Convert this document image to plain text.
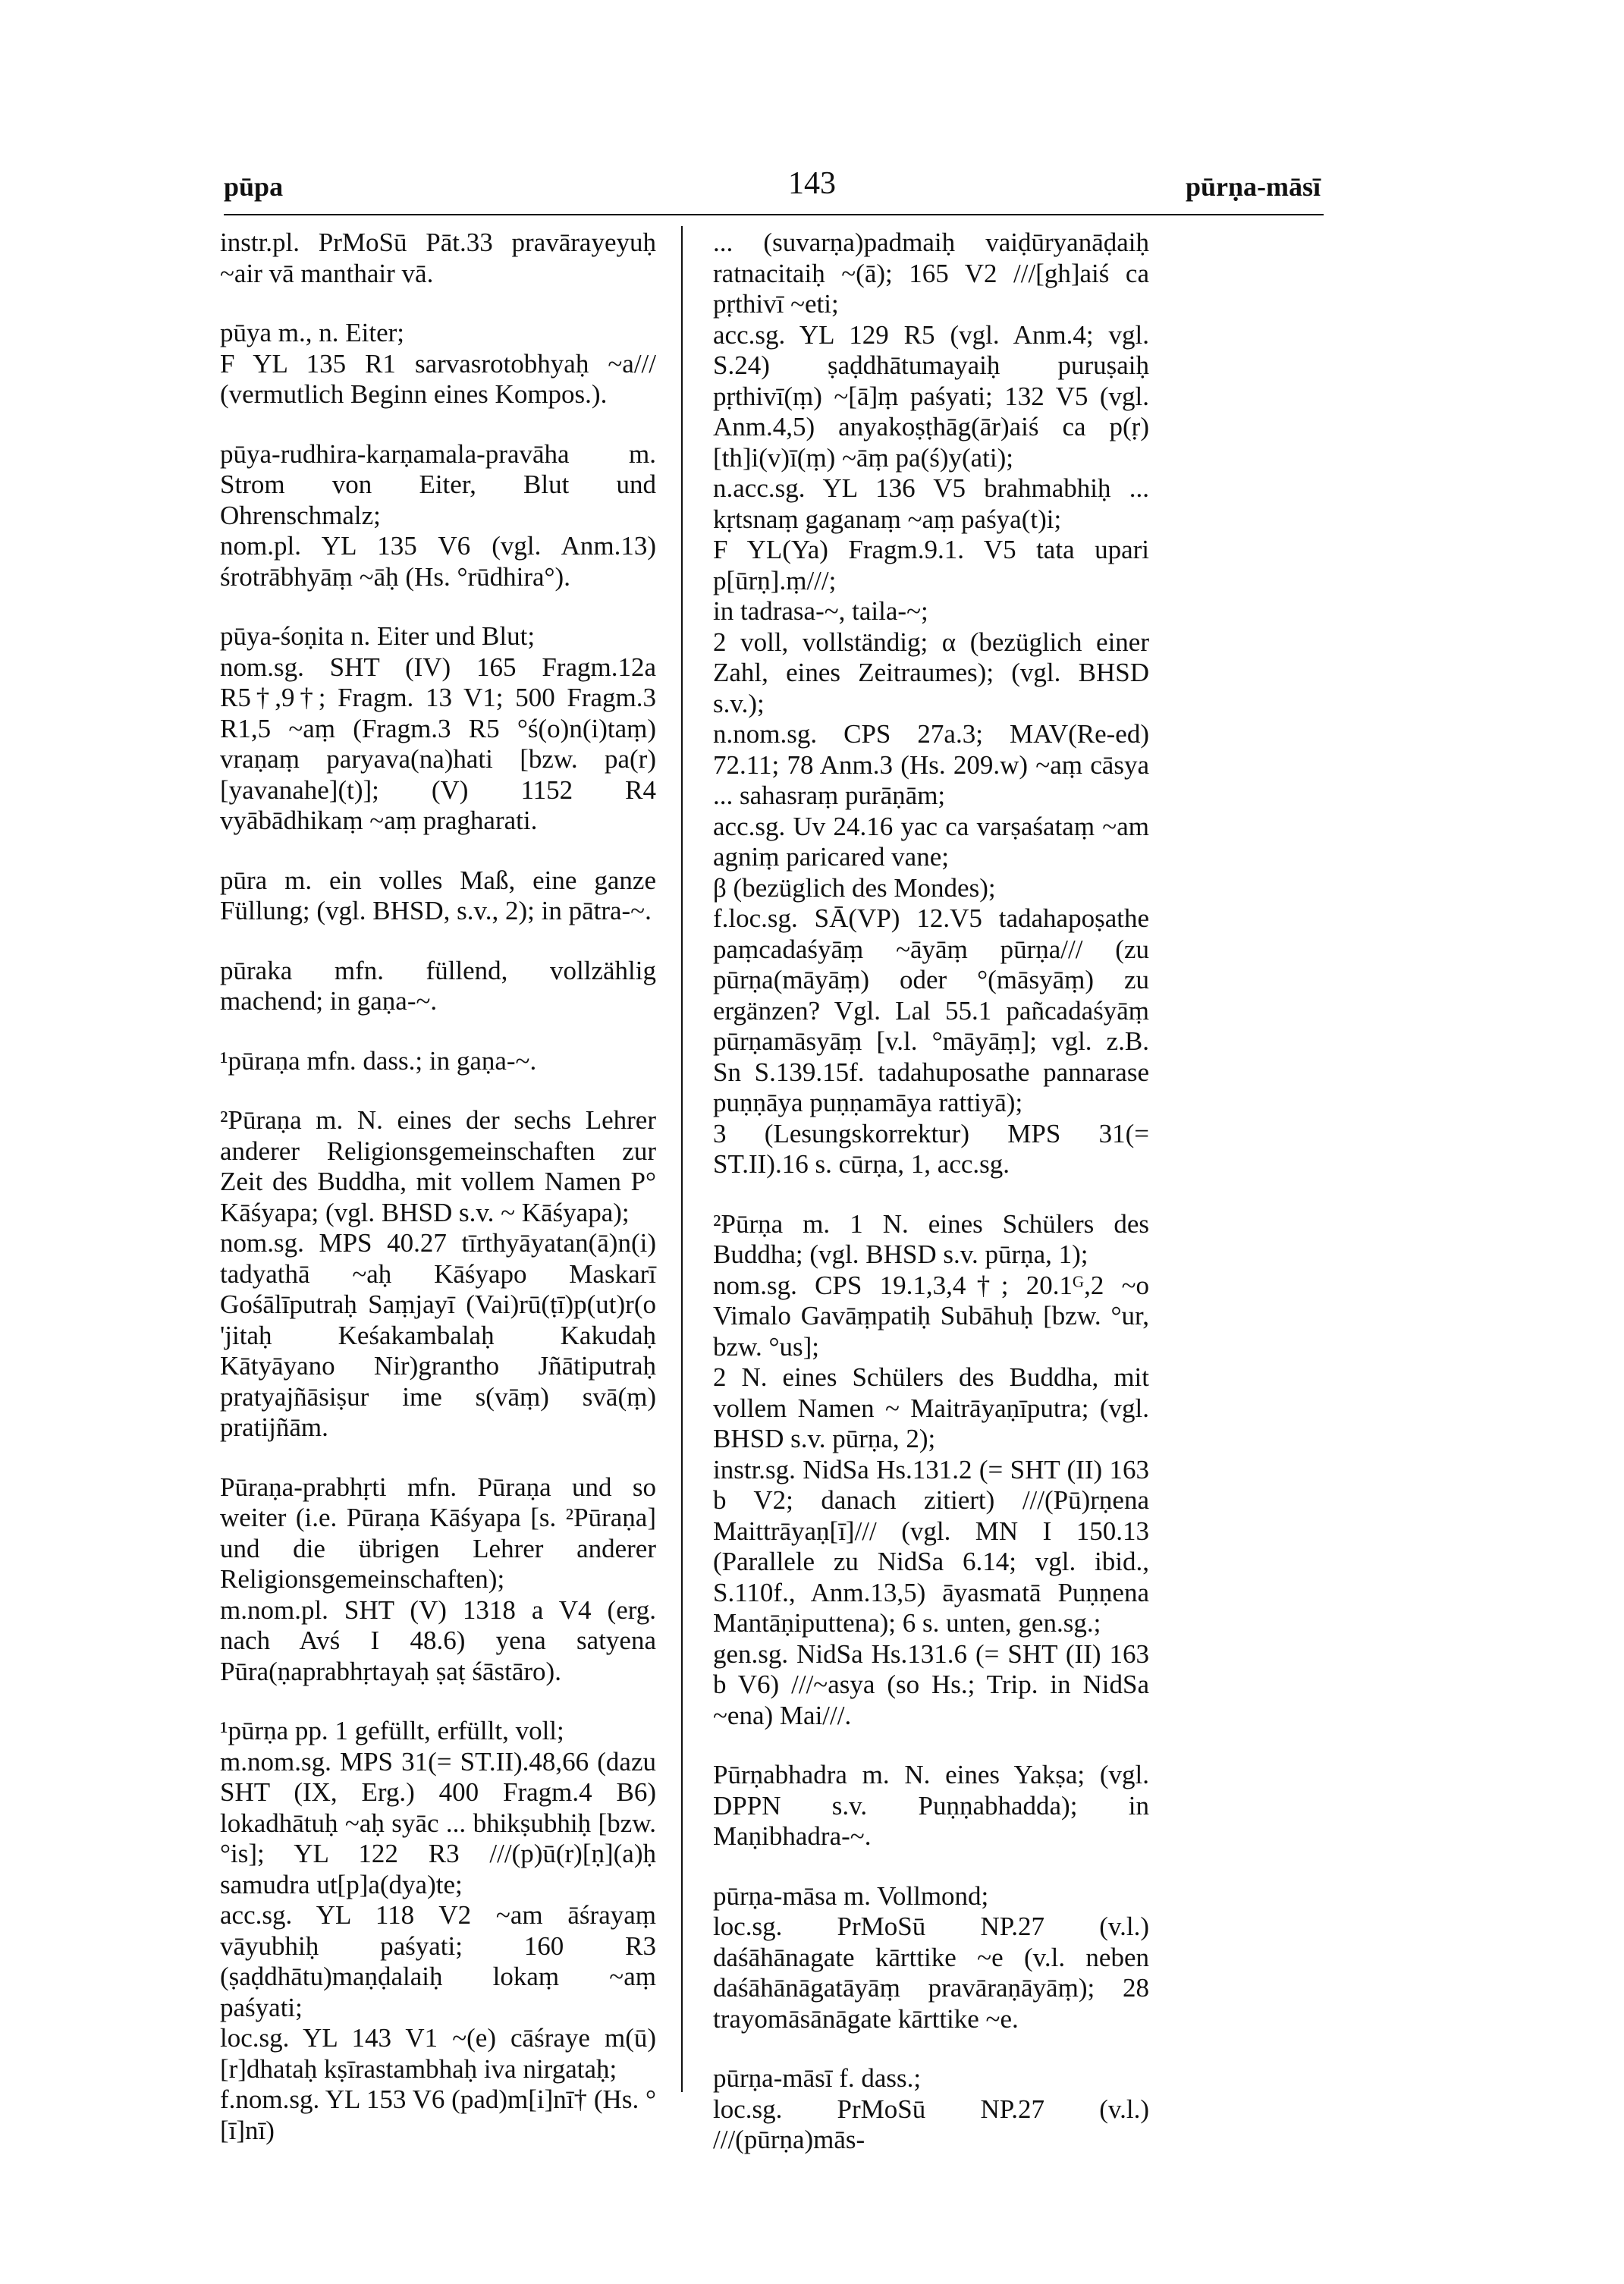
pūpa	143	pūrṇa-māsī

instr.pl. PrMoSū Pāt.33 pravārayeyuḥ ~air vā manthair vā.

pūya m., n. Eiter;

F YL 135 R1 sarvasrotobhyaḥ ~a/// (vermutlich Beginn eines Kompos.).

pūya-rudhira-karṇamala-pravāha m. Strom von Eiter, Blut und Ohrenschmalz;

nom.pl. YL 135 V6 (vgl. Anm.13) śrotrābhyāṃ ~āḥ (Hs. °rūdhira°).

pūya-śoṇita n. Eiter und Blut;

nom.sg. SHT (IV) 165 Fragm.12a R5†,9†; Fragm. 13 V1; 500 Fragm.3 R1,5 ~aṃ (Fragm.3 R5 °ś(o)n(i)taṃ) vraṇaṃ paryava(na)hati [bzw. pa(r)[yavanahe](t)]; (V) 1152 R4 vyābādhikaṃ ~aṃ pragharati.

pūra m. ein volles Maß, eine ganze Füllung; (vgl. BHSD, s.v., 2); in pātra-~.

pūraka mfn. füllend, vollzählig machend; in gaṇa-~.

¹pūraṇa mfn. dass.; in gaṇa-~.

²Pūraṇa m. N. eines der sechs Lehrer anderer Religionsgemeinschaften zur Zeit des Buddha, mit vollem Namen P° Kāśyapa; (vgl. BHSD s.v. ~ Kāśyapa);

nom.sg. MPS 40.27 tīrthyāyatan(ā)n(i) tadyathā ~aḥ Kāśyapo Maskarī Gośālīputraḥ Saṃjayī (Vai)rū(ṭī)p(ut)r(o 'jitaḥ Keśakambalaḥ Kakudaḥ Kātyāyano Nir)grantho Jñātiputraḥ pratyajñāsiṣur ime s(vāṃ) svā(ṃ) pratijñām.

Pūraṇa-prabhṛti mfn. Pūraṇa und so weiter (i.e. Pūraṇa Kāśyapa [s. ²Pūraṇa] und die übrigen Lehrer anderer Religionsgemeinschaften);

m.nom.pl. SHT (V) 1318 a V4 (erg. nach Avś I 48.6) yena satyena Pūra(ṇaprabhṛtayaḥ ṣaṭ śāstāro).

¹pūrṇa pp. 1 gefüllt, erfüllt, voll;

m.nom.sg. MPS 31(= ST.II).48,66 (dazu SHT (IX, Erg.) 400 Fragm.4 B6) lokadhātuḥ ~aḥ syāc ... bhikṣubhiḥ [bzw. °is]; YL 122 R3 ///(p)ū(r)[ṇ](a)ḥ samudra ut[p]a(dya)te;

acc.sg. YL 118 V2 ~am āśrayaṃ vāyubhiḥ paśyati; 160 R3 (ṣaḍdhātu)maṇḍalaiḥ lokaṃ ~aṃ paśyati;

loc.sg. YL 143 V1 ~(e) cāśraye m(ū)[r]dhataḥ kṣīrastambhaḥ iva nirgataḥ;

f.nom.sg. YL 153 V6 (pad)m[i]nī† (Hs. °[ī]nī)

... (suvarṇa)padmaiḥ vaiḍūryanāḍaiḥ ratnacitaiḥ ~(ā); 165 V2 ///[gh]aiś ca pṛthivī ~eti;

acc.sg. YL 129 R5 (vgl. Anm.4; vgl. S.24) ṣaḍdhātumayaiḥ puruṣaiḥ pṛthivī(ṃ) ~[ā]ṃ paśyati; 132 V5 (vgl. Anm.4,5) anyakoṣṭhāg(ār)aiś ca p(ṛ)[th]i(v)ī(ṃ) ~āṃ pa(ś)y(ati);

n.acc.sg. YL 136 V5 brahmabhiḥ ... kṛtsnaṃ gaganaṃ ~aṃ paśya(t)i;

F YL(Ya) Fragm.9.1. V5 tata upari p[ūrṇ].ṃ///;

in tadrasa-~, taila-~;

2 voll, vollständig; α (bezüglich einer Zahl, eines Zeitraumes); (vgl. BHSD s.v.);

n.nom.sg. CPS 27a.3; MAV(Re-ed) 72.11; 78 Anm.3 (Hs. 209.w) ~aṃ cāsya ... sahasraṃ purāṇām;

acc.sg. Uv 24.16 yac ca varṣaśataṃ ~am agniṃ paricared vane;

β (bezüglich des Mondes);

f.loc.sg. SĀ(VP) 12.V5 tadahapoṣathe paṃcadaśyāṃ ~āyāṃ pūrṇa/// (zu pūrṇa(māyāṃ) oder °(māsyāṃ) zu ergänzen? Vgl. Lal 55.1 pañcadaśyāṃ pūrṇamāsyāṃ [v.l. °māyāṃ]; vgl. z.B. Sn S.139.15f. tadahuposathe pannarase puṇṇāya puṇṇamāya rattiyā);

3 (Lesungskorrektur) MPS 31(= ST.II).16 s. cūrṇa, 1, acc.sg.

²Pūrṇa m. 1 N. eines Schülers des Buddha; (vgl. BHSD s.v. pūrṇa, 1);

nom.sg. CPS 19.1,3,4†; 20.1ᴳ,2 ~o Vimalo Gavāṃpatiḥ Subāhuḥ [bzw. °ur, bzw. °us];

2 N. eines Schülers des Buddha, mit vollem Namen ~ Maitrāyaṇīputra; (vgl. BHSD s.v. pūrṇa, 2);

instr.sg. NidSa Hs.131.2 (= SHT (II) 163 b V2; danach zitiert) ///(Pū)rṇena Maittrāyaṇ[ī]/// (vgl. MN I 150.13 (Parallele zu NidSa 6.14; vgl. ibid., S.110f., Anm.13,5) āyasmatā Puṇṇena Mantāṇiputtena); 6 s. unten, gen.sg.;

gen.sg. NidSa Hs.131.6 (= SHT (II) 163 b V6) ///~asya (so Hs.; Trip. in NidSa ~ena) Mai///.

Pūrṇabhadra m. N. eines Yakṣa; (vgl. DPPN s.v. Puṇṇabhadda); in Maṇibhadra-~.

pūrṇa-māsa m. Vollmond;

loc.sg. PrMoSū NP.27 (v.l.) daśāhānagate kārttike ~e (v.l. neben daśāhānāgatāyāṃ pravāraṇāyāṃ); 28 trayomāsānāgate kārttike ~e.

pūrṇa-māsī f. dass.;

loc.sg. PrMoSū NP.27 (v.l.) ///(pūrṇa)mās-
